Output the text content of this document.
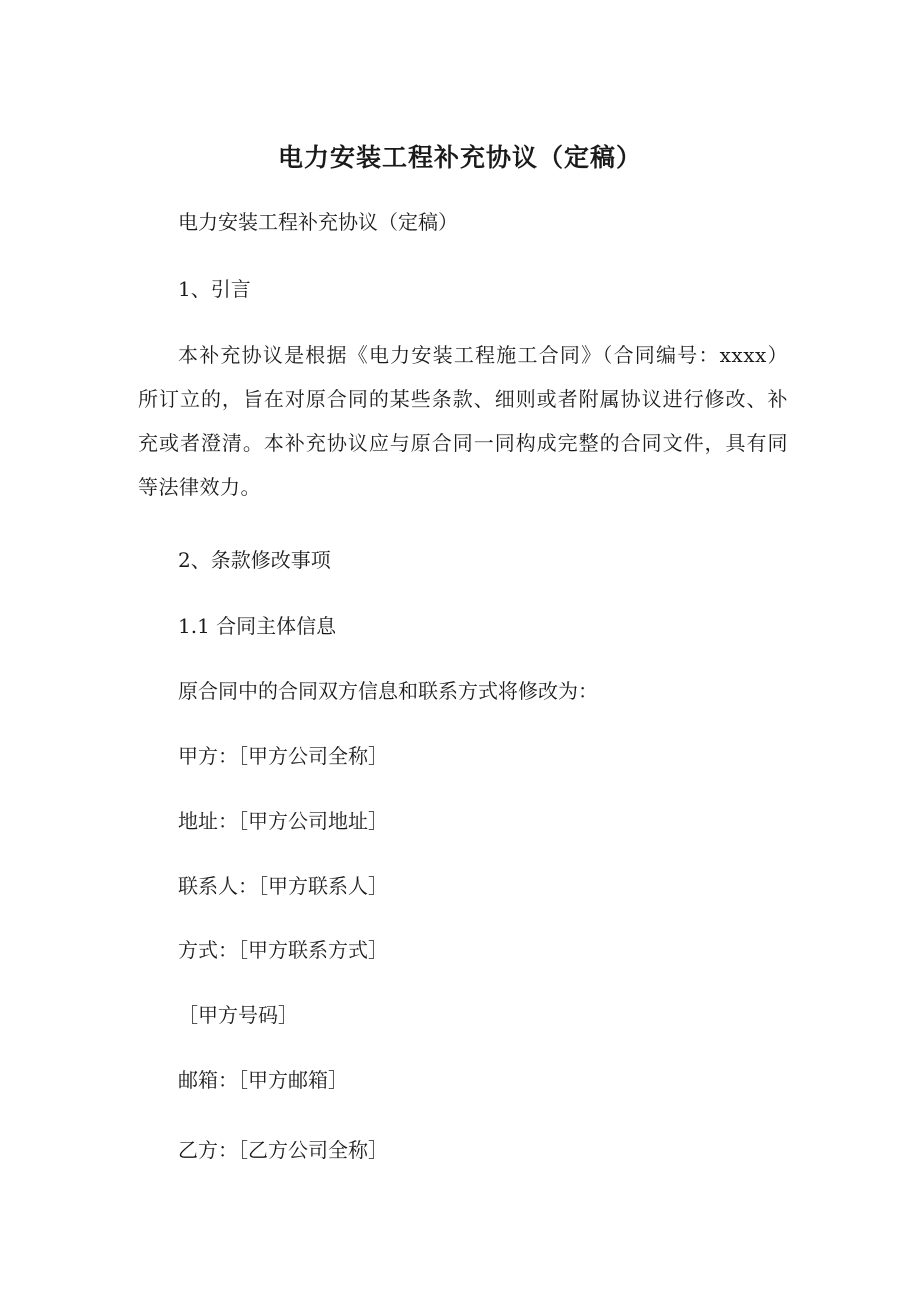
电力安装工程补充协议（定稿）
电力安装工程补充协议（定稿）
1、引言
本补充协议是根据《电力安装工程施工合同》（合同编号：xxxx）所订立的，旨在对原合同的某些条款、细则或者附属协议进行修改、补充或者澄清。本补充协议应与原合同一同构成完整的合同文件，具有同等法律效力。
2、条款修改事项
1.1 合同主体信息
原合同中的合同双方信息和联系方式将修改为：
甲方：［甲方公司全称］
地址：［甲方公司地址］
联系人：［甲方联系人］
方式：［甲方联系方式］
［甲方号码］
邮箱：［甲方邮箱］
乙方：［乙方公司全称］
